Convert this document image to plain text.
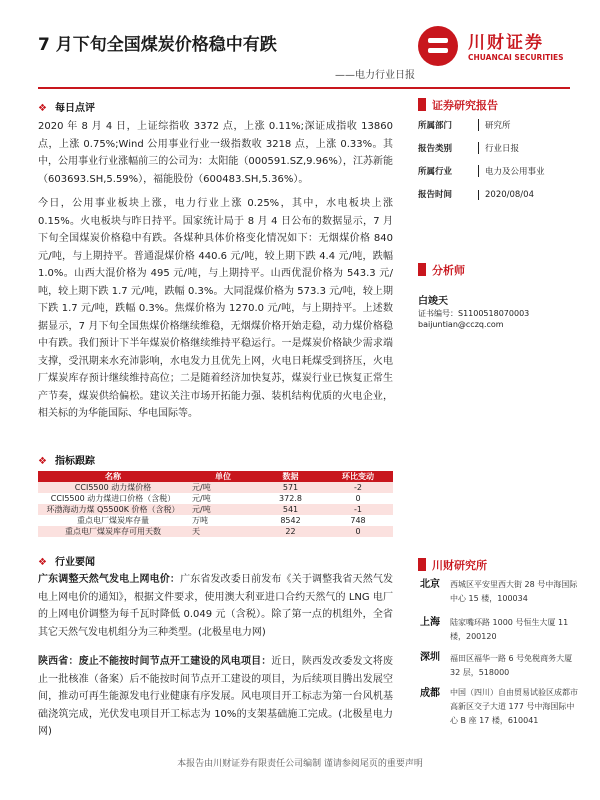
7 月下旬全国煤炭价格稳中有跌
——电力行业日报
川财证券
CHUANCAI SECURITIES
❖ 每日点评
2020 年 8 月 4 日，上证综指收 3372 点，上涨 0.11%;深证成指收 13860 点，上涨 0.75%;Wind 公用事业行业一级指数收 3218 点，上涨 0.33%。其中，公用事业行业涨幅前三的公司为：太阳能（000591.SZ,9.96%），江苏新能（603693.SH,5.59%），福能股份（600483.SH,5.36%）。
今日，公用事业板块上涨，电力行业上涨 0.25%，其中，水电板块上涨 0.15%。火电板块与昨日持平。国家统计局于 8 月 4 日公布的数据显示，7 月下旬全国煤炭价格稳中有跌。各煤种具体价格变化情况如下：无烟煤价格 840 元/吨，与上期持平。普通混煤价格 440.6 元/吨，较上期下跌 4.4 元/吨，跌幅 1.0%。山西大混价格为 495 元/吨，与上期持平。山西优混价格为 543.3 元/吨，较上期下跌 1.7 元/吨，跌幅 0.3%。大同混煤价格为 573.3 元/吨，较上期下跌 1.7 元/吨，跌幅 0.3%。焦煤价格为 1270.0 元/吨，与上期持平。上述数据显示，7 月下旬全国焦煤价格继续维稳，无烟煤价格开始走稳，动力煤价格稳中有跌。我们预计下半年煤炭价格继续维持平稳运行。一是煤炭价格缺少需求端支撑，受汛期来水充沛影响，水电发力且优先上网，火电日耗煤受到挤压，火电厂煤炭库存预计继续维持高位；二是随着经济加快复苏，煤炭行业已恢复正常生产节奏，煤炭供给偏松。建议关注市场开拓能力强、装机结构优质的火电企业，相关标的为华能国际、华电国际等。
❖ 指标跟踪
名称	单位	数据	环比变动
CCI5500 动力煤价格	元/吨	571	-2
CCI5500 动力煤进口价格（含税）	元/吨	372.8	0
环渤海动力煤 Q5500K 价格（含税）	元/吨	541	-1
重点电厂煤炭库存量	万吨	8542	748
重点电厂煤炭库存可用天数	天	22	0
❖ 行业要闻
广东调整天然气发电上网电价：广东省发改委日前发布《关于调整我省天然气发电上网电价的通知》，根据文件要求，使用澳大利亚进口合约天然气的 LNG 电厂的上网电价调整为每千瓦时降低 0.049 元（含税）。除了第一点的机组外，全省其它天然气发电机组分为三种类型。(北极星电力网)
陕西省：废止不能按时间节点开工建设的风电项目：近日，陕西发改委发文将废止一批核准（备案）后不能按时间节点开工建设的项目，为后续项目腾出发展空间，推动可再生能源发电行业健康有序发展。风电项目开工标志为第一台风机基础浇筑完成，光伏发电项目开工标志为 10%的支架基础施工完成。(北极星电力网)
证券研究报告
所属部门	研究所
报告类别	行业日报
所属行业	电力及公用事业
报告时间	2020/08/04
分析师
白竣天
证书编号：S1100518070003
baijuntian@cczq.com
川财研究所
北京 西城区平安里西大街 28 号中海国际中心 15 楼，100034
上海 陆家嘴环路 1000 号恒生大厦 11 楼，200120
深圳 福田区福华一路 6 号免税商务大厦 32 层，518000
成都 中国（四川）自由贸易试验区成都市高新区交子大道 177 号中海国际中心 B 座 17 楼，610041
本报告由川财证券有限责任公司编制 谨请参阅尾页的重要声明
